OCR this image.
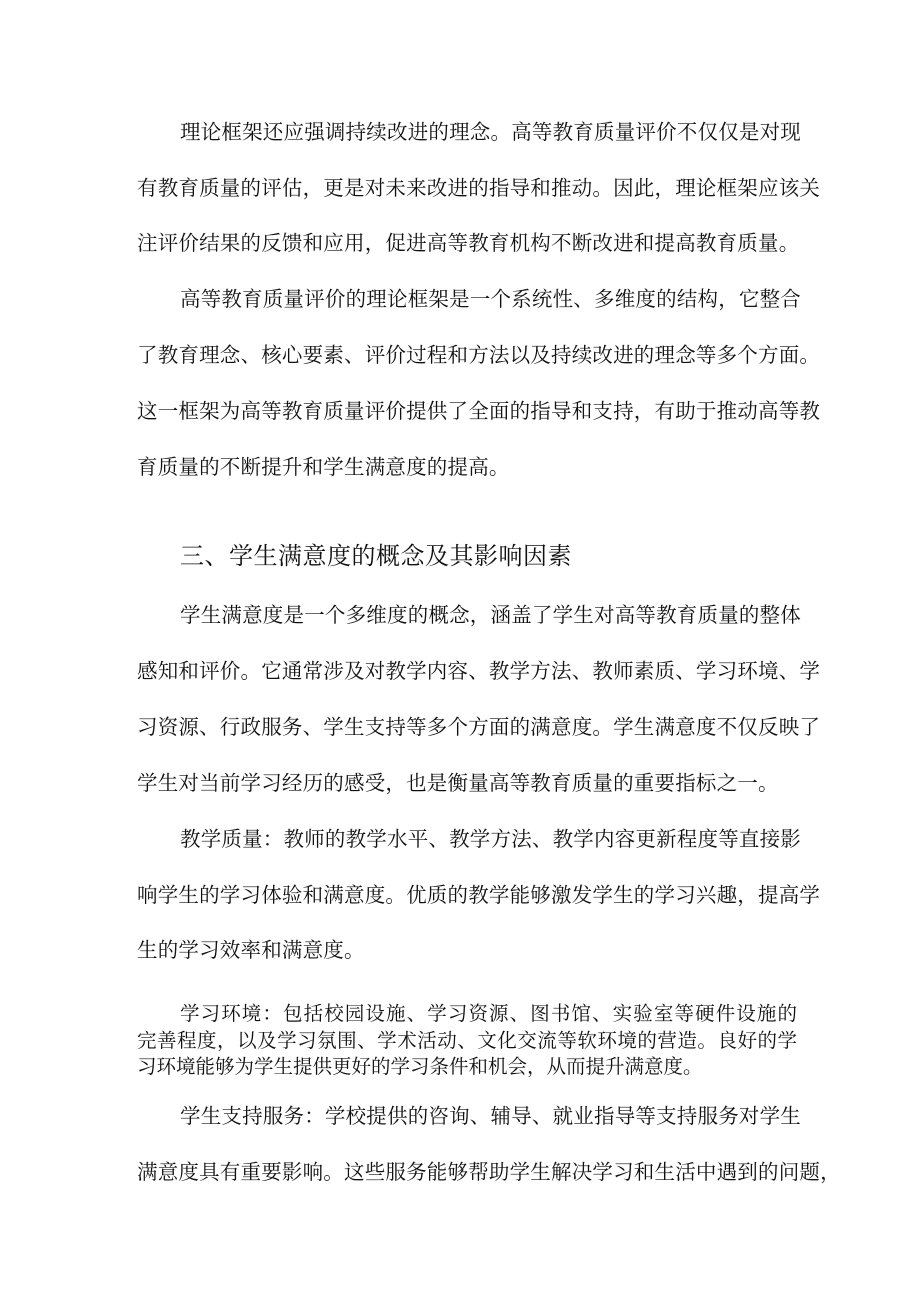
理论框架还应强调持续改进的理念。高等教育质量评价不仅仅是对现
有教育质量的评估，更是对未来改进的指导和推动。因此，理论框架应该关
注评价结果的反馈和应用，促进高等教育机构不断改进和提高教育质量。
高等教育质量评价的理论框架是一个系统性、多维度的结构，它整合
了教育理念、核心要素、评价过程和方法以及持续改进的理念等多个方面。
这一框架为高等教育质量评价提供了全面的指导和支持，有助于推动高等教
育质量的不断提升和学生满意度的提高。
三、学生满意度的概念及其影响因素
学生满意度是一个多维度的概念，涵盖了学生对高等教育质量的整体
感知和评价。它通常涉及对教学内容、教学方法、教师素质、学习环境、学
习资源、行政服务、学生支持等多个方面的满意度。学生满意度不仅反映了
学生对当前学习经历的感受，也是衡量高等教育质量的重要指标之一。
教学质量：教师的教学水平、教学方法、教学内容更新程度等直接影
响学生的学习体验和满意度。优质的教学能够激发学生的学习兴趣，提高学
生的学习效率和满意度。
学习环境：包括校园设施、学习资源、图书馆、实验室等硬件设施的
完善程度，以及学习氛围、学术活动、文化交流等软环境的营造。良好的学
习环境能够为学生提供更好的学习条件和机会，从而提升满意度。
学生支持服务：学校提供的咨询、辅导、就业指导等支持服务对学生
满意度具有重要影响。这些服务能够帮助学生解决学习和生活中遇到的问题，
